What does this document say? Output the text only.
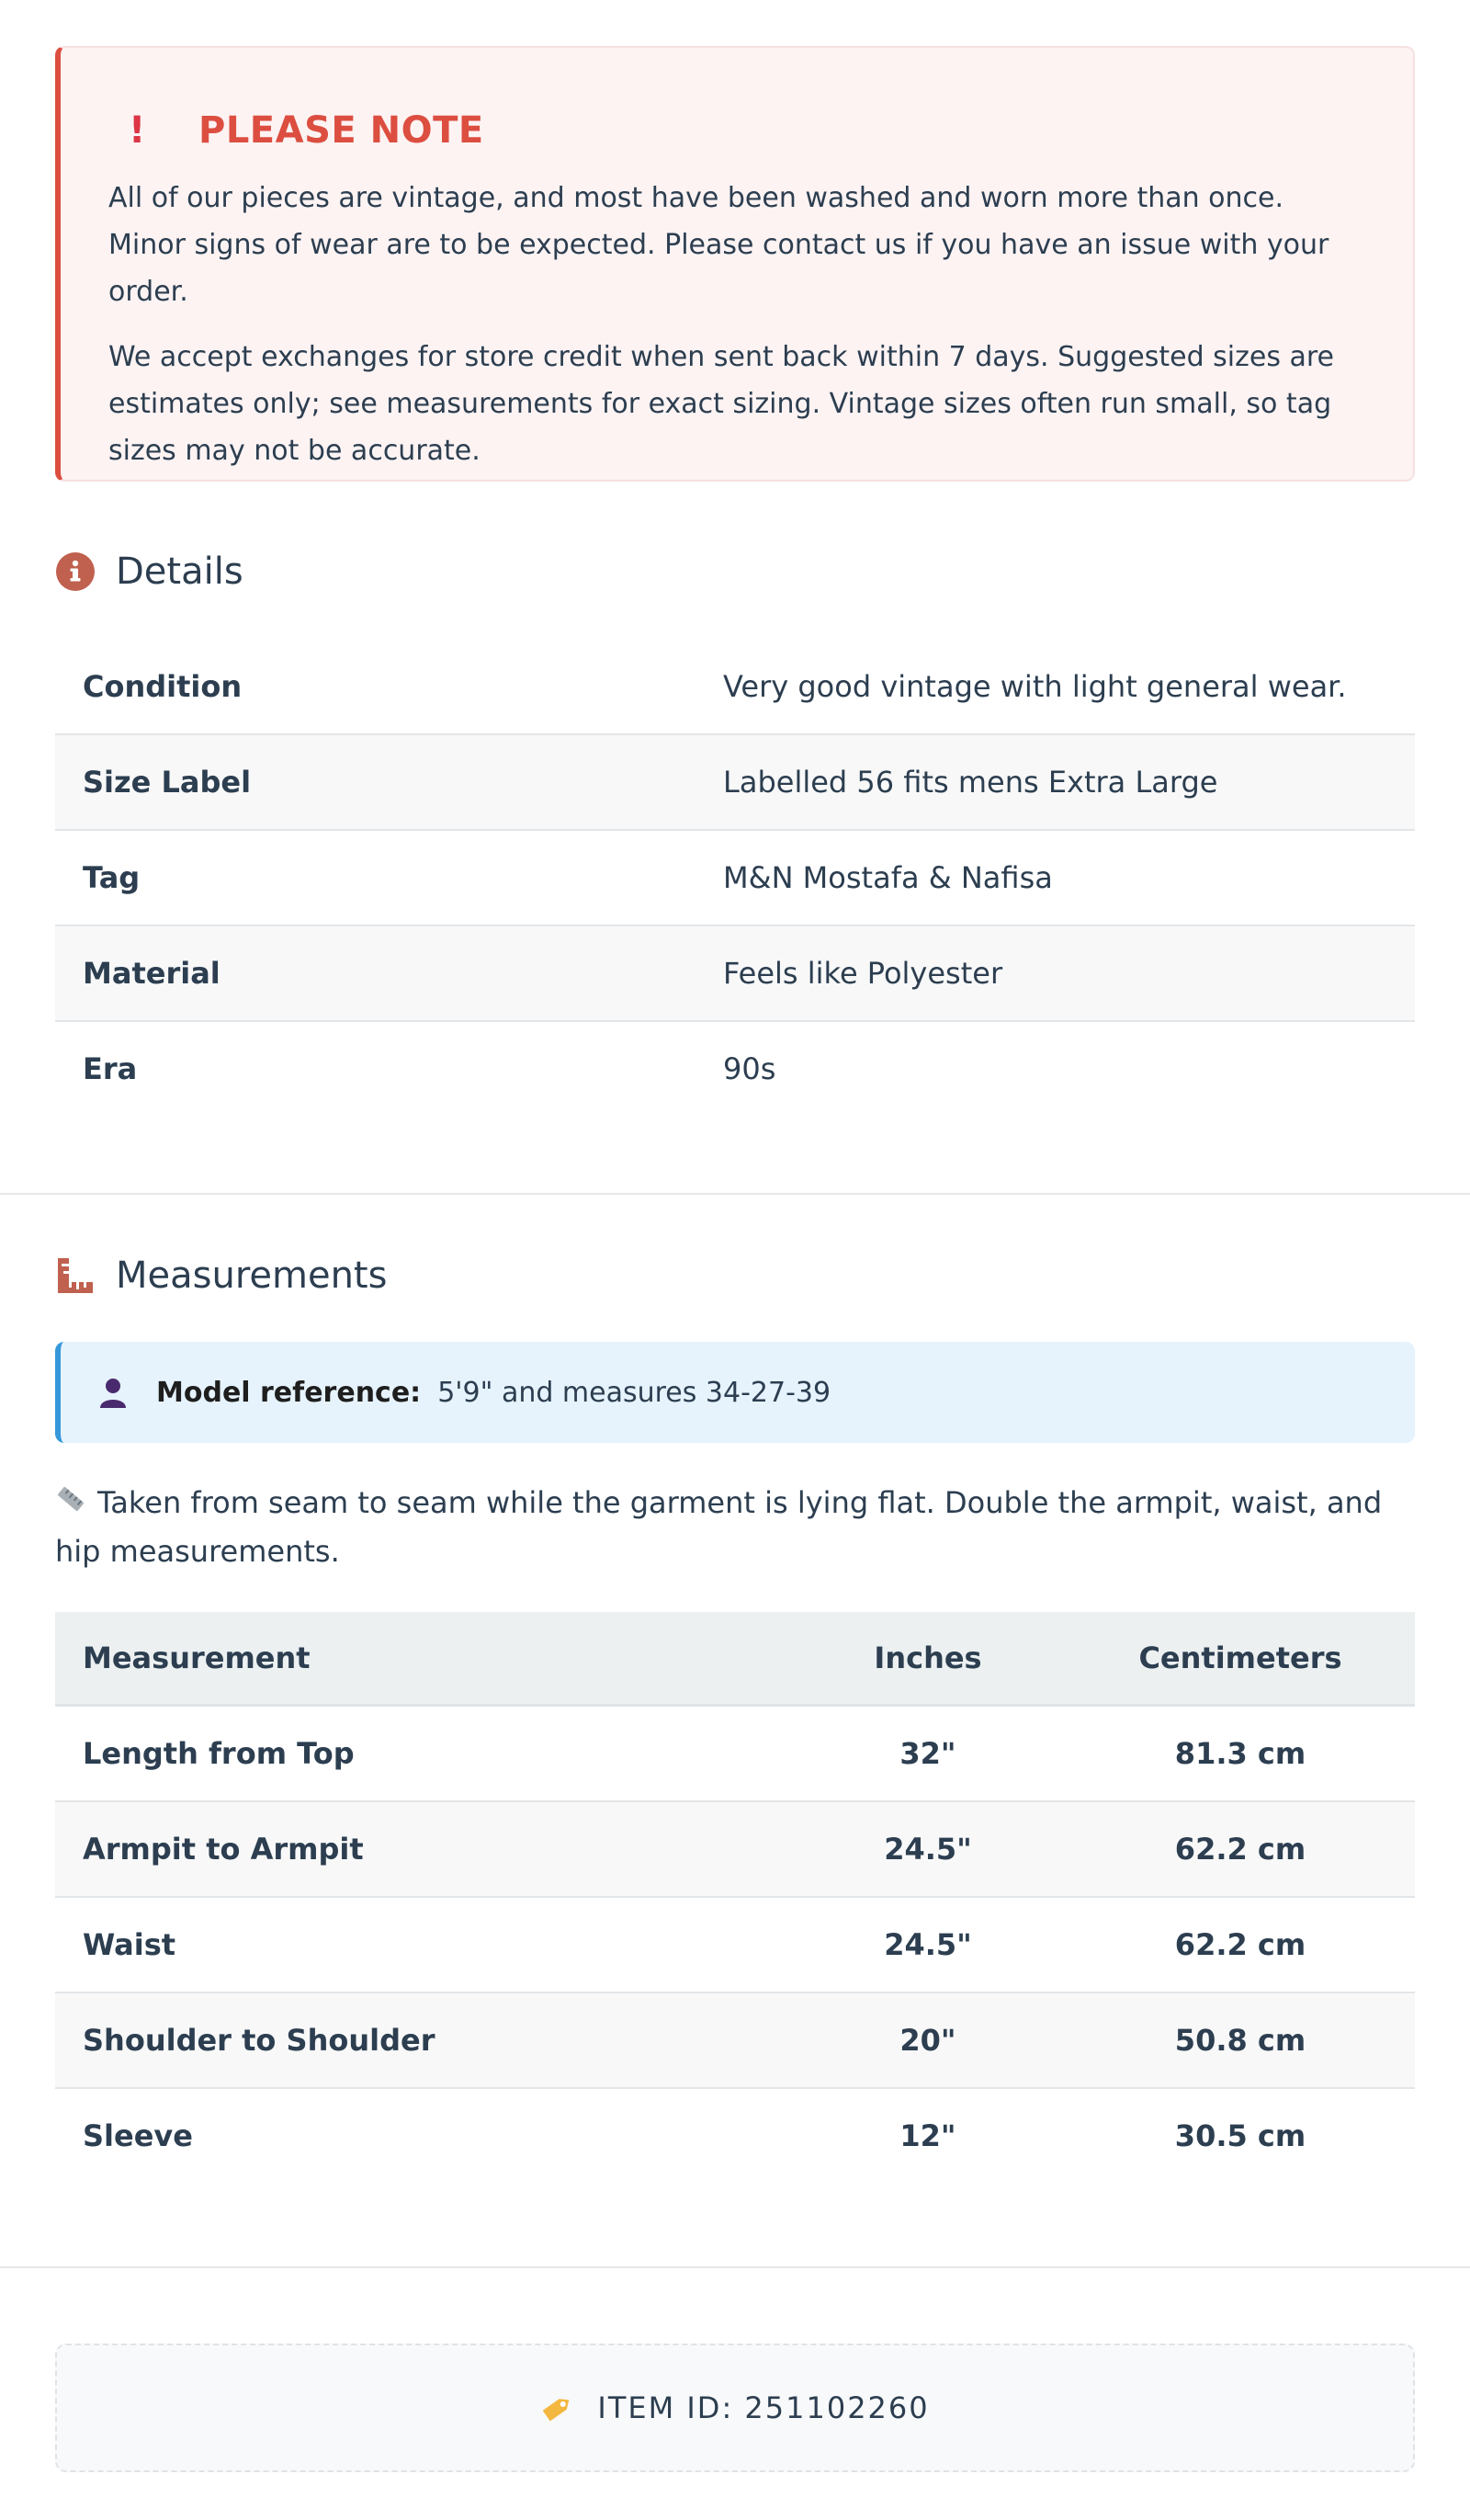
!	PLEASE NOTE

All of our pieces are vintage, and most have been washed and worn more than once. Minor signs of wear are to be expected. Please contact us if you have an issue with your order.

We accept exchanges for store credit when sent back within 7 days. Suggested sizes are estimates only; see measurements for exact sizing. Vintage sizes often run small, so tag sizes may not be accurate.

Details
Condition	Very good vintage with light general wear.
Size Label	Labelled 56 fits mens Extra Large
Tag	M&N Mostafa & Nafisa
Material	Feels like Polyester
Era	90s
Measurements
Model reference: 5'9" and measures 34-27-39
Taken from seam to seam while the garment is lying flat. Double the armpit, waist, and hip measurements.
Measurement	Inches	Centimeters
Length from Top	32"	81.3 cm
Armpit to Armpit	24.5"	62.2 cm
Waist	24.5"	62.2 cm
Shoulder to Shoulder	20"	50.8 cm
Sleeve	12"	30.5 cm
ITEM ID: 251102260
